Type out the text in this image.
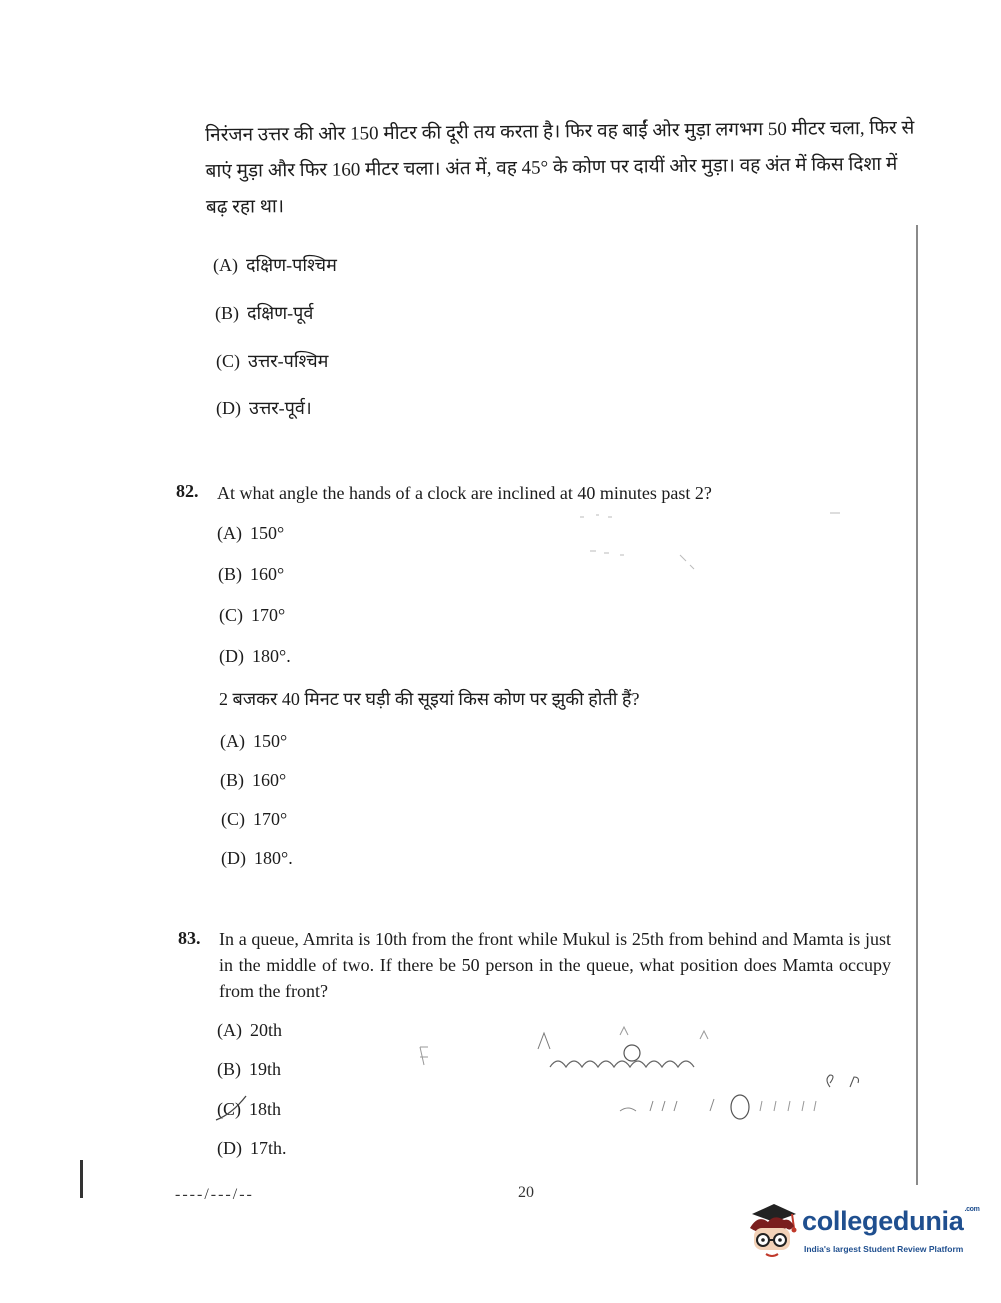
निरंजन उत्तर की ओर 150 मीटर की दूरी तय करता है। फिर वह बाईं ओर मुड़ा लगभग 50 मीटर चला, फिर से बाएं मुड़ा और फिर 160 मीटर चला। अंत में, वह 45° के कोण पर दायीं ओर मुड़ा। वह अंत में किस दिशा में बढ़ रहा था।
(A) दक्षिण-पश्चिम
(B) दक्षिण-पूर्व
(C) उत्तर-पश्चिम
(D) उत्तर-पूर्व।
82. At what angle the hands of a clock are inclined at 40 minutes past 2?
(A) 150°
(B) 160°
(C) 170°
(D) 180°.
2 बजकर 40 मिनट पर घड़ी की सूइयां किस कोण पर झुकी होती हैं?
(A) 150°
(B) 160°
(C) 170°
(D) 180°.
83. In a queue, Amrita is 10th from the front while Mukul is 25th from behind and Mamta is just in the middle of two. If there be 50 person in the queue, what position does Mamta occupy from the front?
(A) 20th
(B) 19th
(C) 18th
(D) 17th.
----/---/--	20
collegedunia$^{.com}$
India's largest Student Review Platform
